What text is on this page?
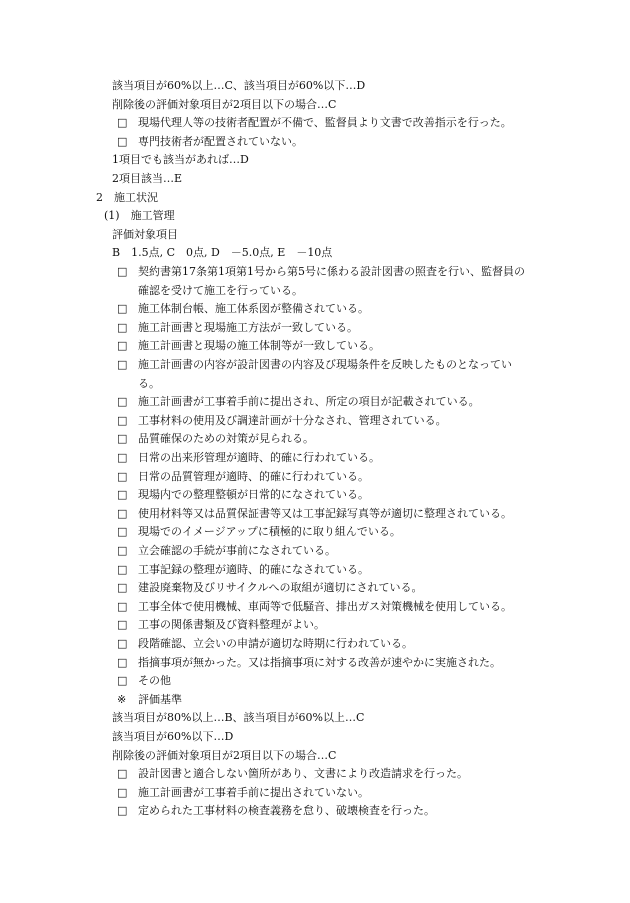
該当項目が60%以上…C、該当項目が60%以下…D
削除後の評価対象項目が2項目以下の場合…C
□ 現場代理人等の技術者配置が不備で、監督員より文書で改善指示を行った。
□ 専門技術者が配置されていない。
1項目でも該当があれば…D
2項目該当…E
2　施工状況
(1)　施工管理
評価対象項目
B　1.5点, C　0点, D　－5.0点, E　－10点
□ 契約書第17条第1項第1号から第5号に係わる設計図書の照査を行い、監督員の
確認を受けて施工を行っている。
□ 施工体制台帳、施工体系図が整備されている。
□ 施工計画書と現場施工方法が一致している。
□ 施工計画書と現場の施工体制等が一致している。
□ 施工計画書の内容が設計図書の内容及び現場条件を反映したものとなってい
る。
□ 施工計画書が工事着手前に提出され、所定の項目が記載されている。
□ 工事材料の使用及び調達計画が十分なされ、管理されている。
□ 品質確保のための対策が見られる。
□ 日常の出来形管理が適時、的確に行われている。
□ 日常の品質管理が適時、的確に行われている。
□ 現場内での整理整頓が日常的になされている。
□ 使用材料等又は品質保証書等又は工事記録写真等が適切に整理されている。
□ 現場でのイメージアップに積極的に取り組んでいる。
□ 立会確認の手続が事前になされている。
□ 工事記録の整理が適時、的確になされている。
□ 建設廃棄物及びリサイクルへの取組が適切にされている。
□ 工事全体で使用機械、車両等で低騒音、排出ガス対策機械を使用している。
□ 工事の関係書類及び資料整理がよい。
□ 段階確認、立会いの申請が適切な時期に行われている。
□ 指摘事項が無かった。又は指摘事項に対する改善が速やかに実施された。
□ その他
※ 評価基準
該当項目が80%以上…B、該当項目が60%以上…C
該当項目が60%以下…D
削除後の評価対象項目が2項目以下の場合…C
□ 設計図書と適合しない箇所があり、文書により改造請求を行った。
□ 施工計画書が工事着手前に提出されていない。
□ 定められた工事材料の検査義務を怠り、破壊検査を行った。
